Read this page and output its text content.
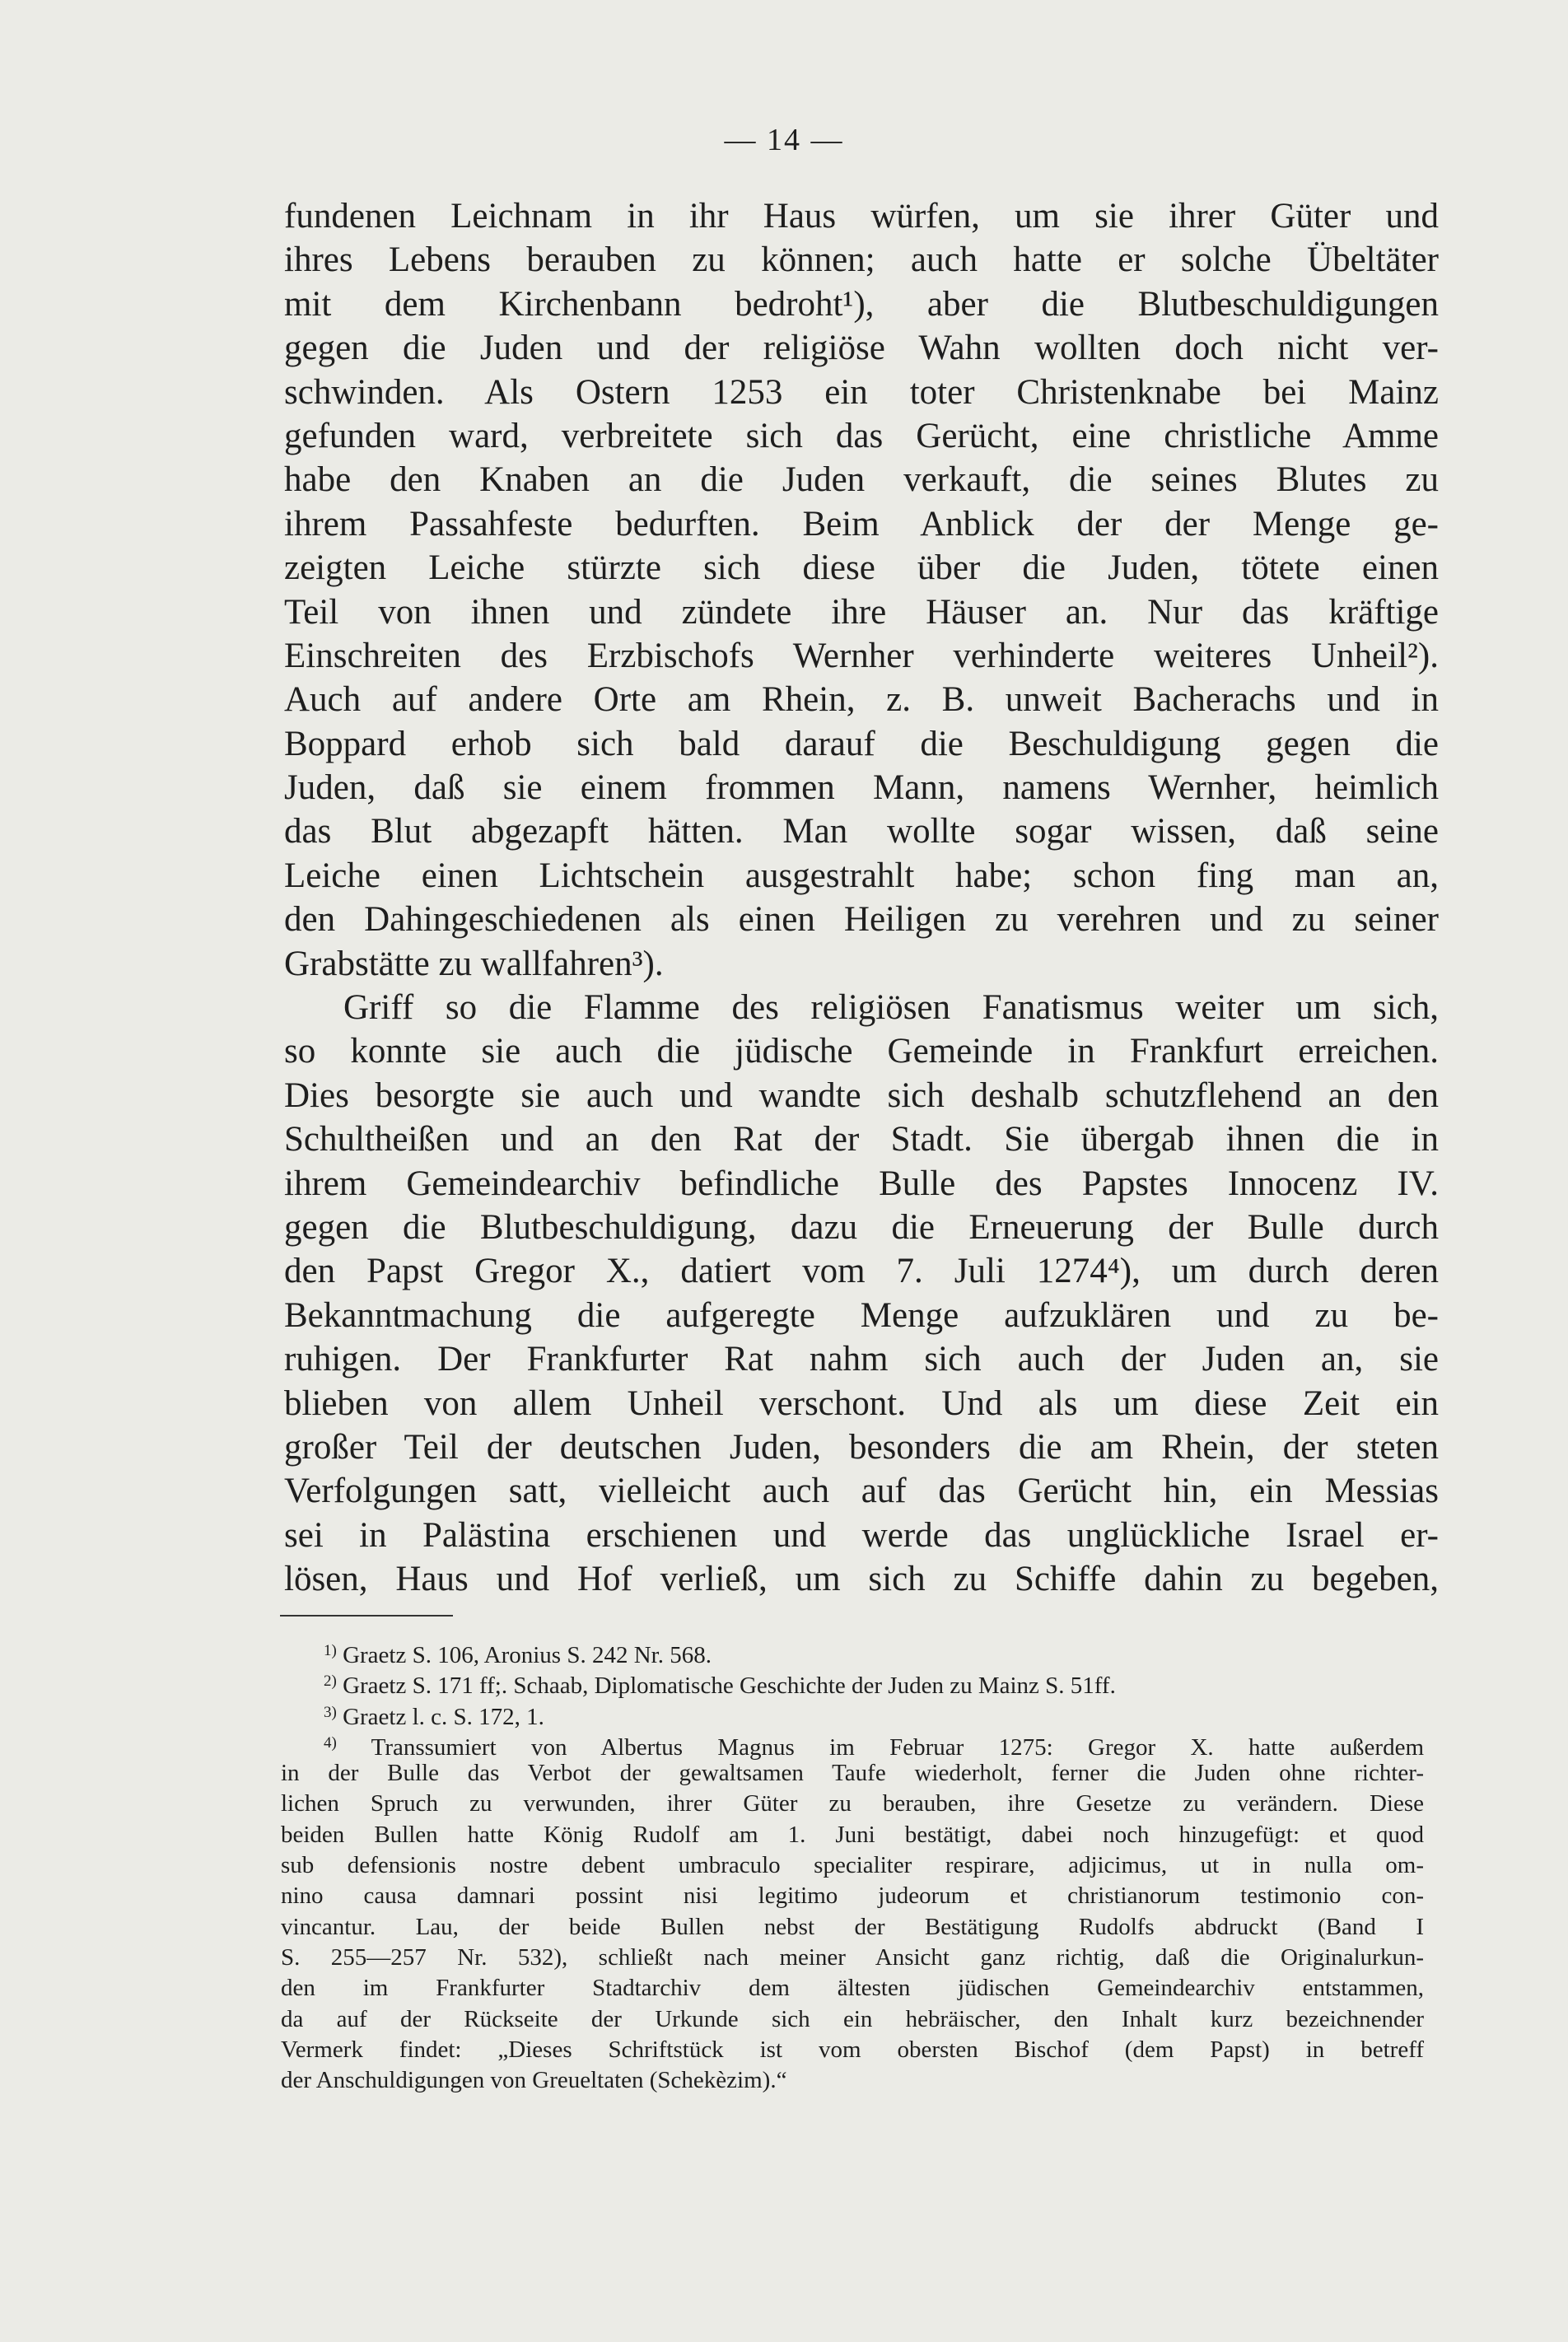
— 14 —
fundenen Leichnam in ihr Haus würfen, um sie ihrer Güter und
ihres Lebens berauben zu können; auch hatte er solche Übeltäter
mit dem Kirchenbann bedroht¹), aber die Blutbeschuldigungen
gegen die Juden und der religiöse Wahn wollten doch nicht ver-
schwinden. Als Ostern 1253 ein toter Christenknabe bei Mainz
gefunden ward, verbreitete sich das Gerücht, eine christliche Amme
habe den Knaben an die Juden verkauft, die seines Blutes zu
ihrem Passahfeste bedurften. Beim Anblick der der Menge ge-
zeigten Leiche stürzte sich diese über die Juden, tötete einen
Teil von ihnen und zündete ihre Häuser an. Nur das kräftige
Einschreiten des Erzbischofs Wernher verhinderte weiteres Unheil²).
Auch auf andere Orte am Rhein, z. B. unweit Bacherachs und in
Boppard erhob sich bald darauf die Beschuldigung gegen die
Juden, daß sie einem frommen Mann, namens Wernher, heimlich
das Blut abgezapft hätten. Man wollte sogar wissen, daß seine
Leiche einen Lichtschein ausgestrahlt habe; schon fing man an,
den Dahingeschiedenen als einen Heiligen zu verehren und zu seiner
Grabstätte zu wallfahren³).
Griff so die Flamme des religiösen Fanatismus weiter um sich,
so konnte sie auch die jüdische Gemeinde in Frankfurt erreichen.
Dies besorgte sie auch und wandte sich deshalb schutzflehend an den
Schultheißen und an den Rat der Stadt. Sie übergab ihnen die in
ihrem Gemeindearchiv befindliche Bulle des Papstes Innocenz IV.
gegen die Blutbeschuldigung, dazu die Erneuerung der Bulle durch
den Papst Gregor X., datiert vom 7. Juli 1274⁴), um durch deren
Bekanntmachung die aufgeregte Menge aufzuklären und zu be-
ruhigen. Der Frankfurter Rat nahm sich auch der Juden an, sie
blieben von allem Unheil verschont. Und als um diese Zeit ein
großer Teil der deutschen Juden, besonders die am Rhein, der steten
Verfolgungen satt, vielleicht auch auf das Gerücht hin, ein Messias
sei in Palästina erschienen und werde das unglückliche Israel er-
lösen, Haus und Hof verließ, um sich zu Schiffe dahin zu begeben,
$^{1)}$ Graetz S. 106, Aronius S. 242 Nr. 568.
$^{2)}$ Graetz S. 171 ff;. Schaab, Diplomatische Geschichte der Juden zu Mainz S. 51ff.
$^{3)}$ Graetz l. c. S. 172, 1.
$^{4)}$ Transsumiert von Albertus Magnus im Februar 1275: Gregor X. hatte außerdem
in der Bulle das Verbot der gewaltsamen Taufe wiederholt, ferner die Juden ohne richter-
lichen Spruch zu verwunden, ihrer Güter zu berauben, ihre Gesetze zu verändern. Diese
beiden Bullen hatte König Rudolf am 1. Juni bestätigt, dabei noch hinzugefügt: et quod
sub defensionis nostre debent umbraculo specialiter respirare, adjicimus, ut in nulla om-
nino causa damnari possint nisi legitimo judeorum et christianorum testimonio con-
vincantur. Lau, der beide Bullen nebst der Bestätigung Rudolfs abdruckt (Band I
S. 255—257 Nr. 532), schließt nach meiner Ansicht ganz richtig, daß die Originalurkun-
den im Frankfurter Stadtarchiv dem ältesten jüdischen Gemeindearchiv entstammen,
da auf der Rückseite der Urkunde sich ein hebräischer, den Inhalt kurz bezeichnender
Vermerk findet: „Dieses Schriftstück ist vom obersten Bischof (dem Papst) in betreff
der Anschuldigungen von Greueltaten (Schekèzim).“
